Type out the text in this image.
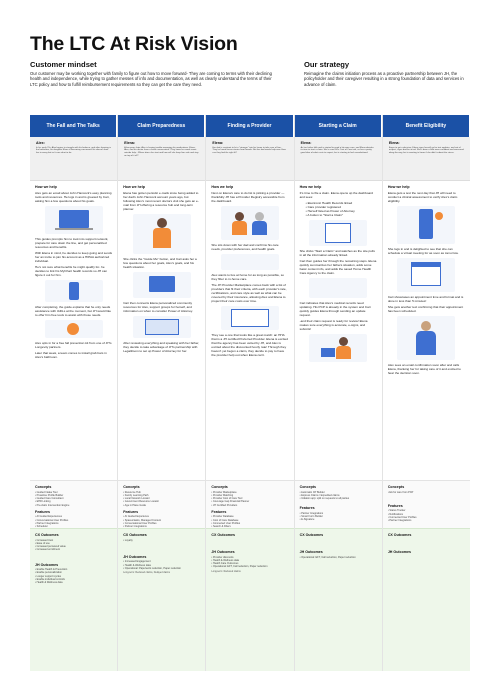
The LTC At Risk Vision
Customer mindset
Our customer may be working together with family to figure out how to move forward- They are coming to terms with their declining health and independence, while trying to gather messes of info and documentation, as well as clearly understand the terms of their LTC policy and how to fulfill reimbursement requirements so they can get the care they need.
Our strategy
Reimagine the claims initiation process as a proactive partnership between JH, the policyholder and their caregiver resulting in a strong foundation of data and services in advance of claim.
The Fall and The Talks
Alex:
In his early 70s, Alex begins to struggle with his balance, and after sleeping in the bathroom, his daughter Elena is becoming concerned. He doesn't want her to worry but isn't sure what to do.
How we help
Alex gets an email about John Hancock's easy planning tools and resources. He logs in and is greeted by Cari, asking him a few questions about his goals.
This guides prompts him to look into support network, prepare for care down the line, and get personalized resources and benefits.
With Elena in mind, he decides to keep going and sends her an invite to join his account as a HIPAA authorized individual.
He's not sure what benefits he might qualify for- he decides to link his MyChart health records so JH can figure it out for him.
After completing, the guide explains that he only needs assistance with IADLs at the moment, but JH would like to offer him free tools to assist with those needs.
Alex opts in for a free fall prevention kit from one of JH's Longevity partners.
Later that week, a team comes to install grab bars in Alex's bathroom.
Concepts
• Guided Intake Tour
• Proactive Profile Builder
• Guided Care Consultant
• EHR Linking
• Pre-claim Intervention Engine
Features
• AI Guided Experiences
• Conversational User Profiles
• Partner Integrations
• Scheduler
•
CX Outcomes
• Increased trust
• Ease of use
• Increased perceived value
• Increased enrollment
JH Outcomes
• Enable Health & Prevention
• Enable personalization
• Longer support cycles
• Enable individual controls
• Health & Wellness data
Claim Preparedness
Elena:
A few years later, Alex is having trouble managing his medications. Elena, Alex, and his doctor have a frank conversation. They know he needs some outside help - Where does she start and how will she keep him safe and stay on top of it all?
How we help
Elena has gotten periodic e-mails since being added to her dad's John Hancock account years ago, but following Alex's most recent doctors visit she gets an e-mail from JH offering a resource hub and long-term planner.
She clicks the "Guide Me" button, and Cari asks her a few questions about her goals, Alex's goals, and his health situation.
Cari then connects Elena personalized community resources for Alex, support groups for herself, and information on when to consider Power of Attorney.
After reviewing everything and speaking with her father, they decide to take advantage of JH's partnership with LegalZoom to set up Power of Attorney for her.
Concepts
• Resource Hub
• Family Learning Path
• Local Network Locator
• Government Resource Locator
• Age in Place Guide
Features
• AI Guided Experience
• Spaces/tasks, Managed Content
• Conversational User Profiles
• Partner Integrations
CX Outcomes
• Loyalty
JH Outcomes
• Increased Engagement
• Health & Wellness data
• Operational: Paperwork reduction, Paper reduction
Long-term: Reduced claims, Delayed claims
Finding a Provider
Elena:
Her dad is resistant to let a "stranger" into his home to take care of him. They've heard horror stories from friends. But her dad needs help now. How can they find the right fit?
How we help
Next on Elena's care to do list is picking a provider — thankfully JH has a Provider Registry accessible from the dashboard.
She sits down with her dad and confirms his care needs, provider preferences, and health goals.
Alex wants to live at home for as long as possible, so they filter to in-home care.
The JH Provider Marketplace comes back with a list of providers that fit their criteria, with each provider's rate, certifications, and care style as well as what can be covered by their insurance, allowing Alex and Elena to project their care costs over time.
They see a one that looks like a great match: an HHA that is a JH certified Preferred Provider. Elena is excited that the agency has been vetted by JH, and Alex is excited about the discounted hourly rate! Through they haven't yet begun a claim, they decide to pay to have the provider help out when Elena can't.
Concepts
• Provider Marketplace
• Provider Matching
• Provider Cost of Care Tool
• Coverage Gap Financial Planner
• JH Certified Providers
Features
• Provider Database
• Cost of Care Database
• Connected User Profiles
• Search & Filters
•
CX Outcomes
JH Outcomes
• Provider discounts
• Health & Wellness data
• Health Care Outcomes
• Operational: EFT, Call reduction, Paper reduction
Long-term: Reduced claims
Starting a Claim
Elena:
As her father falls and is started to need a lot more care, and Elena decides its time to start a claim. She's used JH's Cost of Care tool, so has a pretty good idea of what costs to expect, but is starting to feel overwhelmed.
How we help
It's time to file a claim. Elena opens up the dashboard and sees:
• Electronic Health Records linked
• Care provider registered
• Herself listed as Power of Attorney
• A button to "Start a Claim"
She clicks "Start a Claim" and watches as the site pulls in all the information already linked.
Cari then guides her through the remaining steps. Elena quickly summarizes her fathers situation, adds some basic context info, and adds the saved Home Health Care Agency to the claim.
Cari indicates that Alex's medical records need updating. His PCP is already in the system and Cari quickly guides Elena through sending an update request.
-and their claim request is ready for review! Elena makes sure everything is accurate, e-signs, and submits!
Concepts
• Automatic CP Builder
• Express Claims / Expedited claims
• Initiation app: split on requests to all parties
Features
• Partner Integrations
• Smart Form Builder
• E-Signature
CX Outcomes
JH Outcomes
• Operational: EFT, Call reduction, Paper reduction
Benefit Eligibility
Elena:
Eager to get a decision, Elena signs herself up for text updates, and out of respect, signs dad for in too! She's been a little more confident and reassured along the way, but is wanting to know if she didn't submit the stress.
How we help
Elena gets a text the next day that JH will need to conduct a clinical assessment to verify Alex's claim eligibility.
She logs in and is delighted to see that she can schedule a virtual meeting for as soon as tomorrow.
Cari showcases an appointment time and format and is done in less than 5 minutes!
She gets another text confirming that their appointment has been scheduled.
Alex sees an email confirmation soon after and calls Elena, thanking her for taking care of it and excited to hear the decision soon.
Concepts
• EA for care from PCP
Features
• Status Tracker
• Notifications
• Connected User Profiles
• Partner Integrations
CX Outcomes
JH Outcomes
